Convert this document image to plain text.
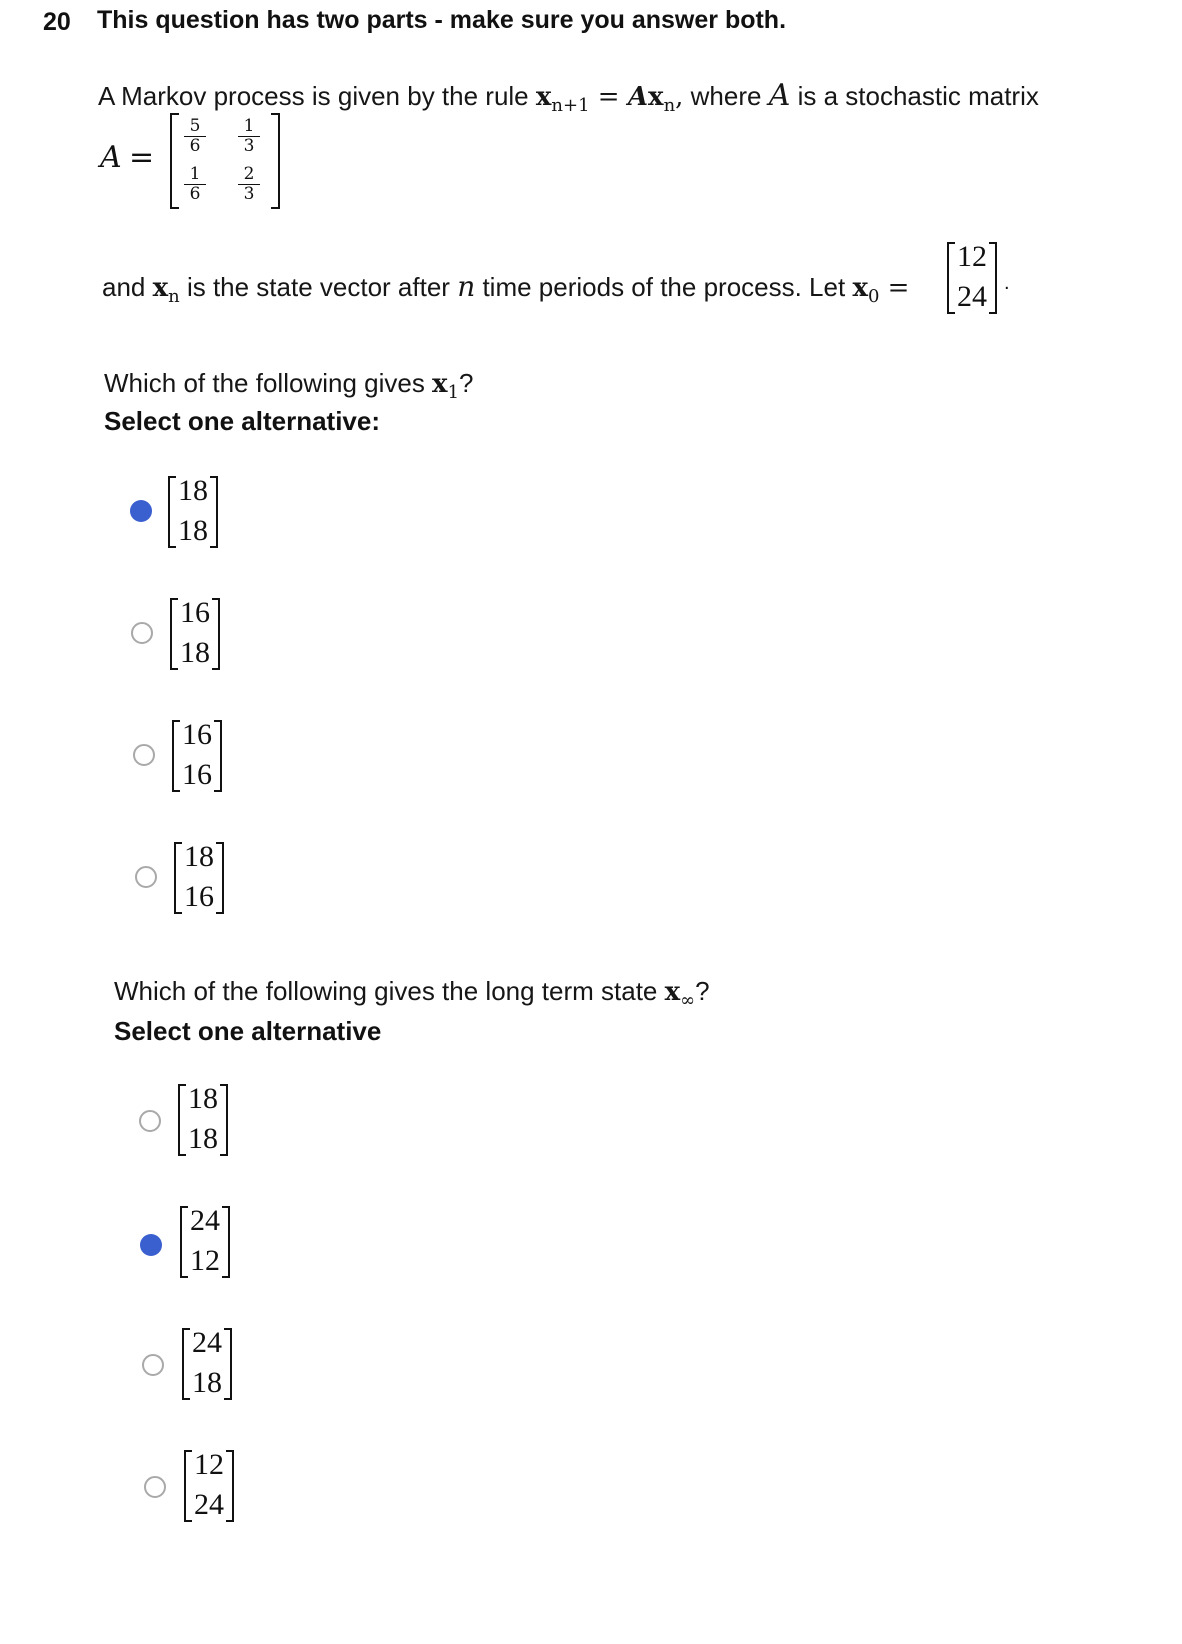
20 This question has two parts - make sure you answer both.
A Markov process is given by the rule $x_{n+1} = Ax_n$, where A is a stochastic matrix
A =
$\frac{5}{6} \frac{1}{3}$
$\frac{1}{6} \frac{2}{3}$
and $x_n$ is the state vector after n time periods of the process. Let $x_0$ =
12
24 .
Which of the following gives $x_1$?
Select one alternative:
18
18
16
18
16
16
18
16
Which of the following gives the long term state $x_\infty$?
Select one alternative
18
18
24
12
24
18
12
24
